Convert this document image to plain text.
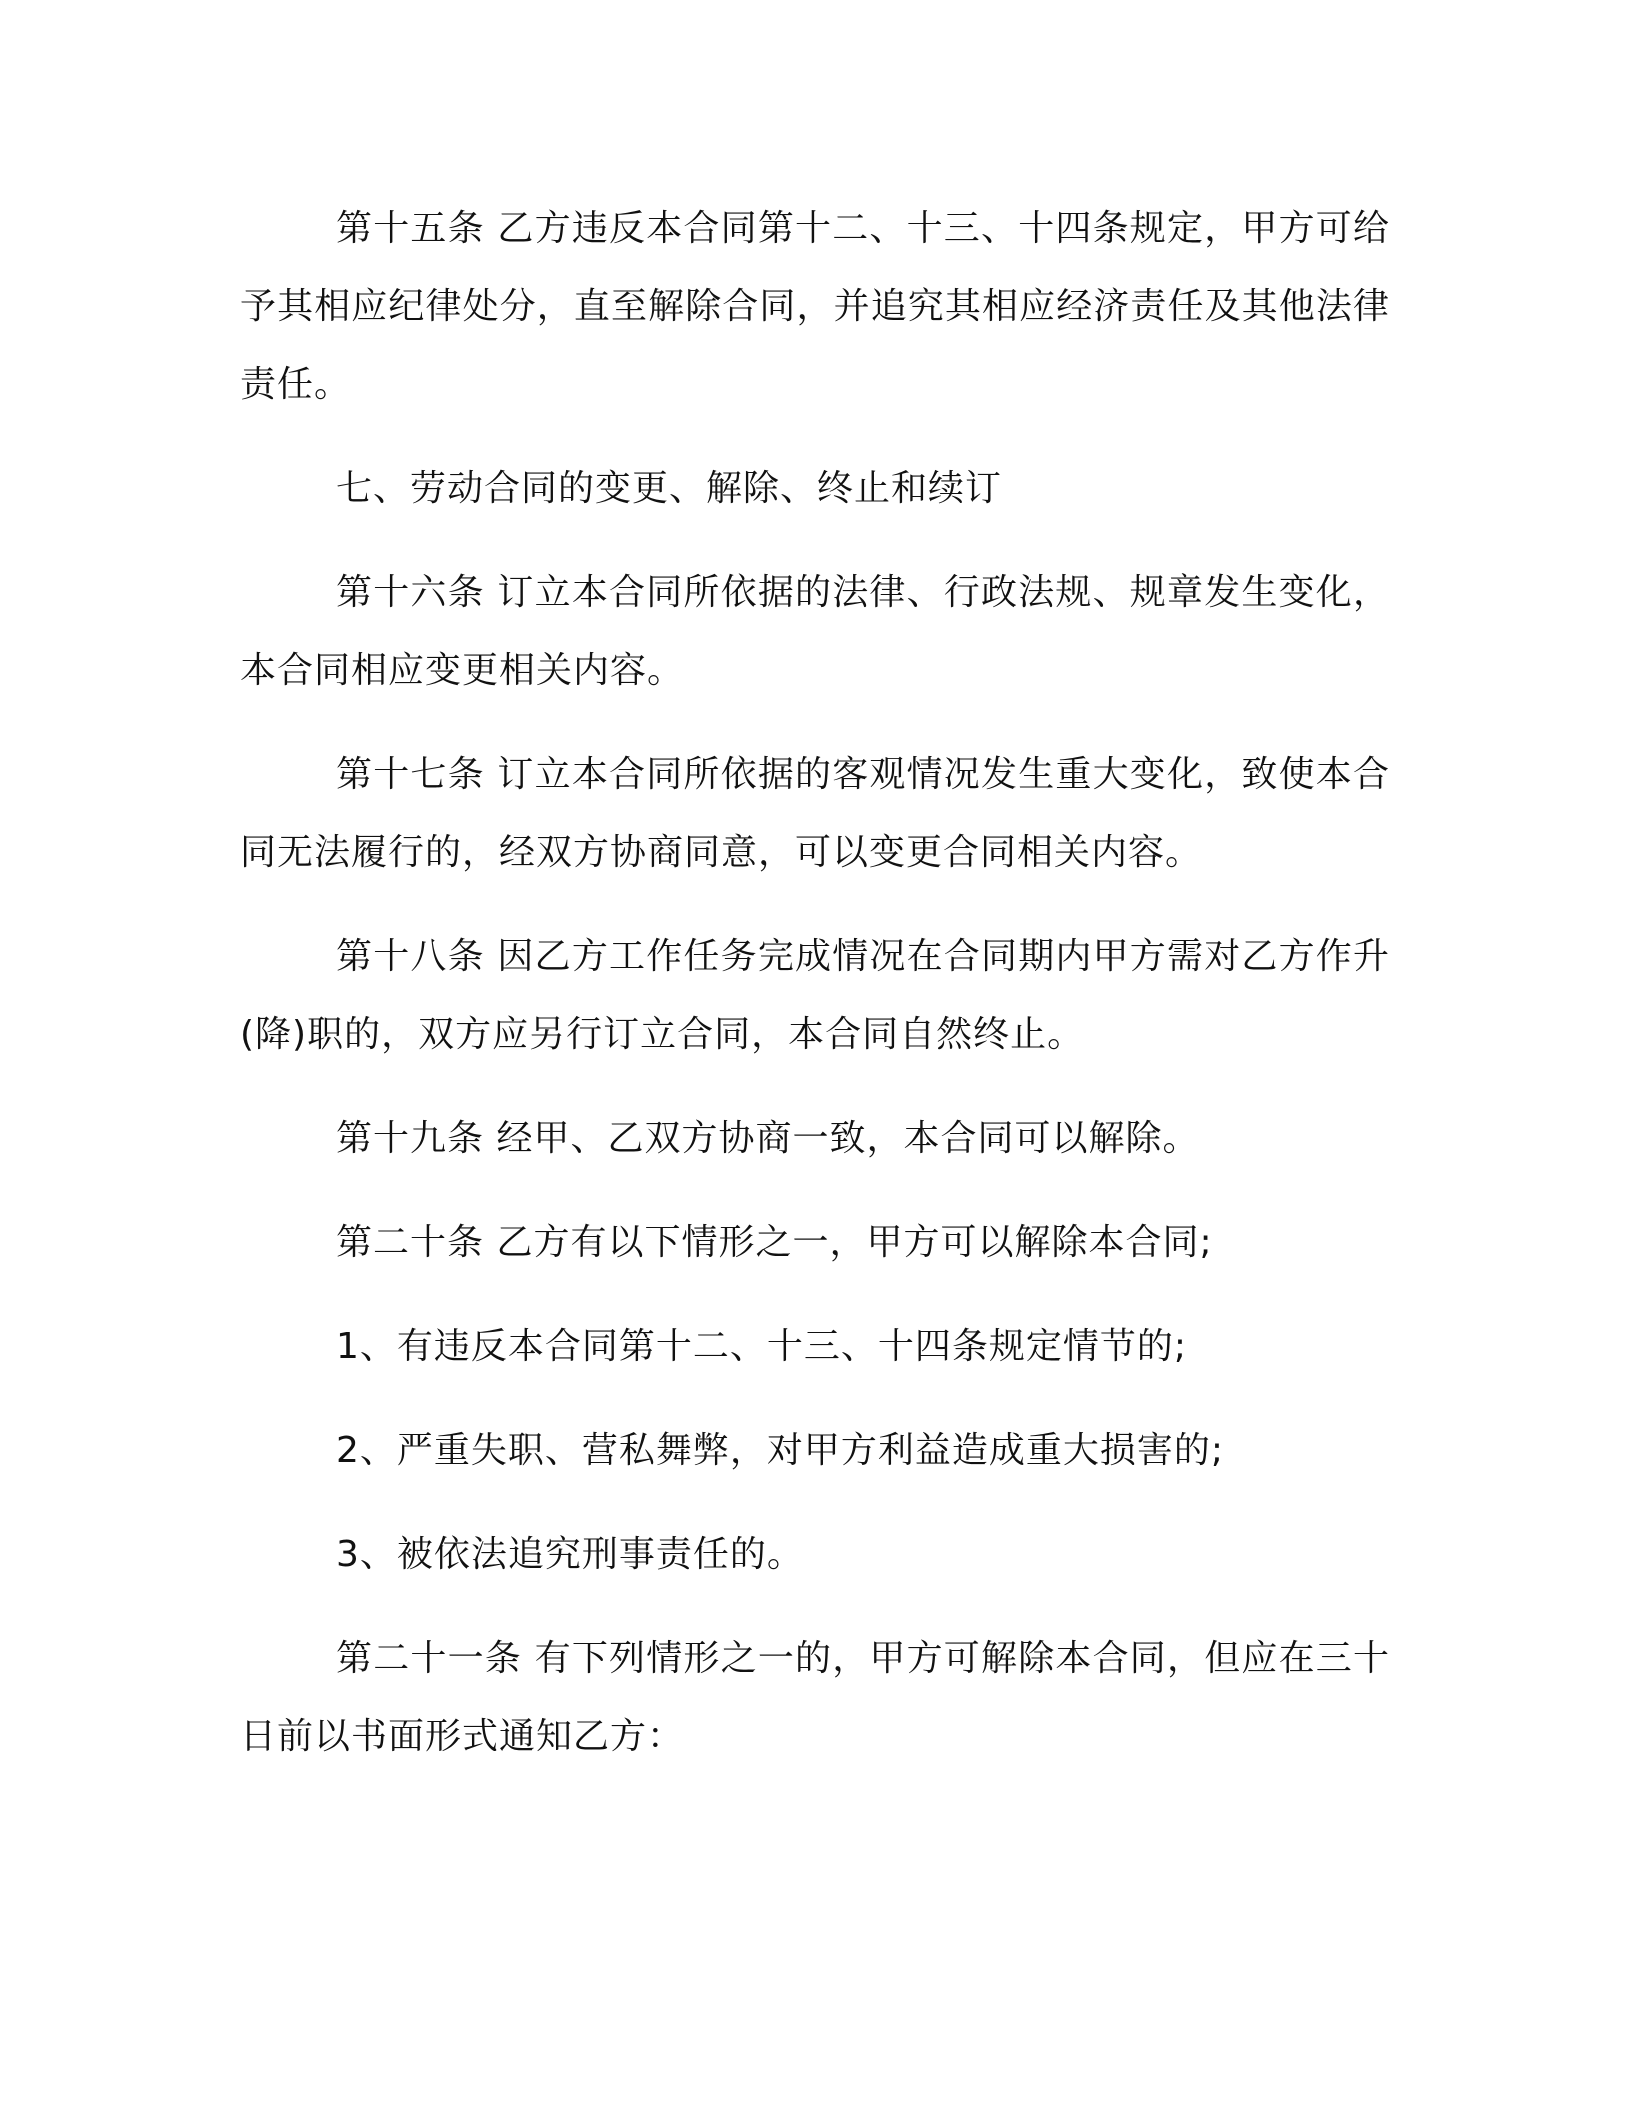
第十五条 乙方违反本合同第十二、十三、十四条规定，甲方可给予其相应纪律处分，直至解除合同，并追究其相应经济责任及其他法律责任。

七、劳动合同的变更、解除、终止和续订

第十六条 订立本合同所依据的法律、行政法规、规章发生变化，本合同相应变更相关内容。

第十七条 订立本合同所依据的客观情况发生重大变化，致使本合同无法履行的，经双方协商同意，可以变更合同相关内容。

第十八条 因乙方工作任务完成情况在合同期内甲方需对乙方作升(降)职的，双方应另行订立合同，本合同自然终止。

第十九条 经甲、乙双方协商一致，本合同可以解除。

第二十条 乙方有以下情形之一，甲方可以解除本合同;

1、有违反本合同第十二、十三、十四条规定情节的;

2、严重失职、营私舞弊，对甲方利益造成重大损害的;

3、被依法追究刑事责任的。

第二十一条 有下列情形之一的，甲方可解除本合同，但应在三十日前以书面形式通知乙方：
